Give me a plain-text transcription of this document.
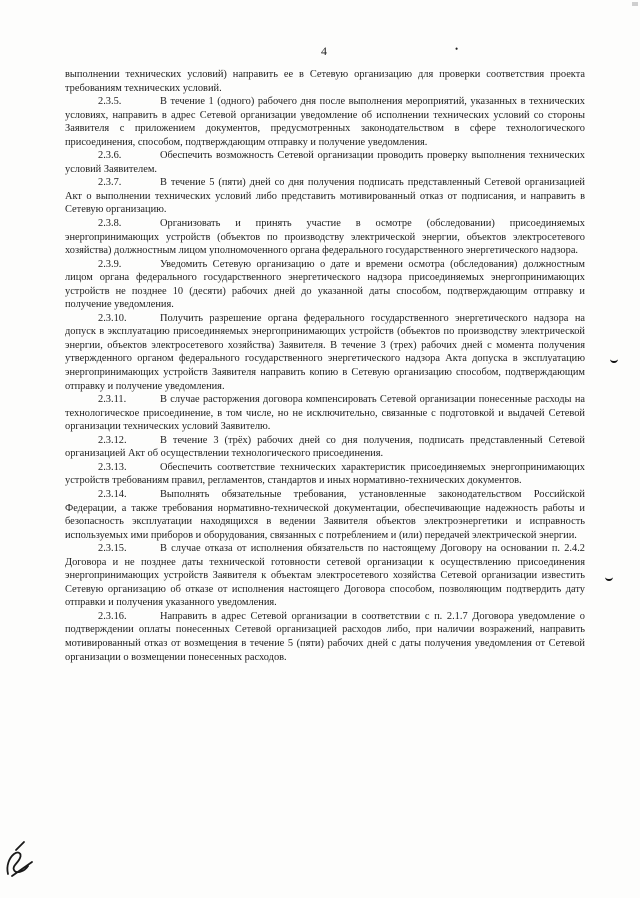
4	•

выполнении технических условий) направить ее в Сетевую организацию для проверки соответствия проекта требованиям технических условий.

2.3.5.	В течение 1 (одного) рабочего дня после выполнения мероприятий, указанных в технических условиях, направить в адрес Сетевой организации уведомление об исполнении технических условий со стороны Заявителя с приложением документов, предусмотренных законодательством в сфере технологического присоединения, способом, подтверждающим отправку и получение уведомления.

2.3.6.	Обеспечить возможность Сетевой организации проводить проверку выполнения технических условий Заявителем.

2.3.7.	В течение 5 (пяти) дней со дня получения подписать представленный Сетевой организацией Акт о выполнении технических условий либо представить мотивированный отказ от подписания, и направить в Сетевую организацию.

2.3.8.	Организовать и принять участие в осмотре (обследовании) присоединяемых энергопринимающих устройств (объектов по производству электрической энергии, объектов электросетевого хозяйства) должностным лицом уполномоченного органа федерального государственного энергетического надзора.

2.3.9.	Уведомить Сетевую организацию о дате и времени осмотра (обследования) должностным лицом органа федерального государственного энергетического надзора присоединяемых энергопринимающих устройств не позднее 10 (десяти) рабочих дней до указанной даты способом, подтверждающим отправку и получение уведомления.

2.3.10.	Получить разрешение органа федерального государственного энергетического надзора на допуск в эксплуатацию присоединяемых энергопринимающих устройств (объектов по производству электрической энергии, объектов электросетевого хозяйства) Заявителя. В течение 3 (трех) рабочих дней с момента получения утвержденного органом федерального государственного энергетического надзора Акта допуска в эксплуатацию энергопринимающих устройств Заявителя направить копию в Сетевую организацию способом, подтверждающим отправку и получение уведомления.

2.3.11.	В случае расторжения договора компенсировать Сетевой организации понесенные расходы на технологическое присоединение, в том числе, но не исключительно, связанные с подготовкой и выдачей Сетевой организации технических условий Заявителю.

2.3.12.	В течение 3 (трёх) рабочих дней со дня получения, подписать представленный Сетевой организацией Акт об осуществлении технологического присоединения.

2.3.13.	Обеспечить соответствие технических характеристик присоединяемых энергопринимающих устройств требованиям правил, регламентов, стандартов и иных нормативно-технических документов.

2.3.14.	Выполнять обязательные требования, установленные законодательством Российской Федерации, а также требования нормативно-технической документации, обеспечивающие надежность работы и безопасность эксплуатации находящихся в ведении Заявителя объектов электроэнергетики и исправность используемых ими приборов и оборудования, связанных с потреблением и (или) передачей электрической энергии.

2.3.15.	В случае отказа от исполнения обязательств по настоящему Договору на основании п. 2.4.2 Договора и не позднее даты технической готовности сетевой организации к осуществлению присоединения энергопринимающих устройств Заявителя к объектам электросетевого хозяйства Сетевой организации известить Сетевую организацию об отказе от исполнения настоящего Договора способом, позволяющим подтвердить дату отправки и получения указанного уведомления.

2.3.16.	Направить в адрес Сетевой организации в соответствии с п. 2.1.7 Договора уведомление о подтверждении оплаты понесенных Сетевой организацией расходов либо, при наличии возражений, направить мотивированный отказ от возмещения в течение 5 (пяти) рабочих дней с даты получения уведомления от Сетевой организации о возмещении понесенных расходов.
